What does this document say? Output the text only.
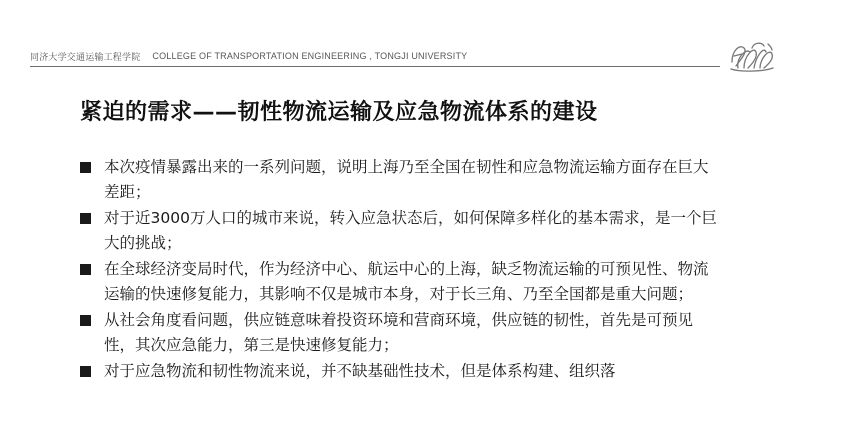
同济大学交通运输工程学院 COLLEGE OF TRANSPORTATION ENGINEERING , TONGJI UNIVERSITY
紧迫的需求——韧性物流运输及应急物流体系的建设
本次疫情暴露出来的一系列问题，说明上海乃至全国在韧性和应急物流运输方面存在巨大差距；
对于近3000万人口的城市来说，转入应急状态后，如何保障多样化的基本需求，是一个巨大的挑战；
在全球经济变局时代，作为经济中心、航运中心的上海，缺乏物流运输的可预见性、物流运输的快速修复能力，其影响不仅是城市本身，对于长三角、乃至全国都是重大问题；
从社会角度看问题，供应链意味着投资环境和营商环境，供应链的韧性，首先是可预见性，其次应急能力，第三是快速修复能力；
对于应急物流和韧性物流来说，并不缺基础性技术，但是体系构建、组织落
